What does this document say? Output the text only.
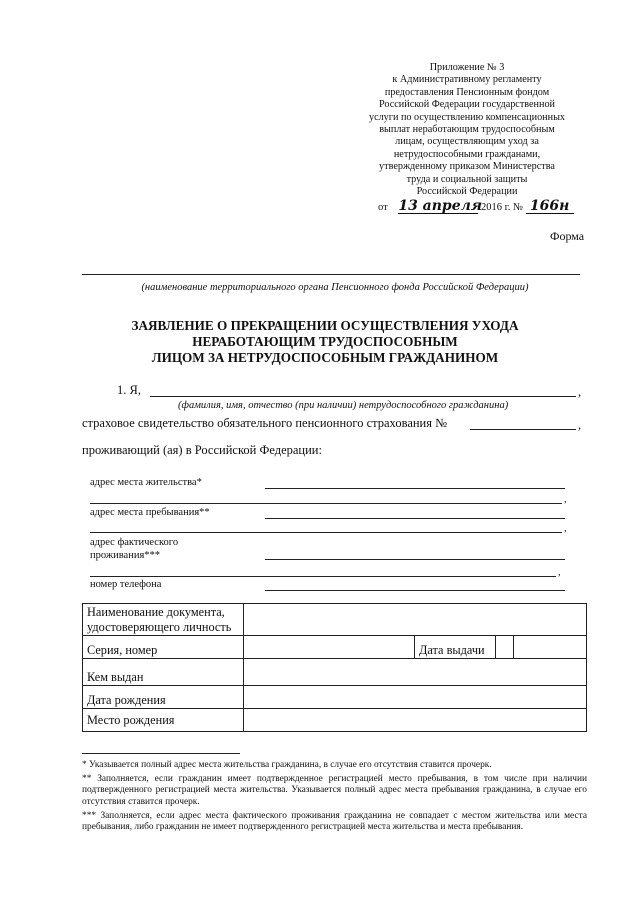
Приложение № 3
к Административному регламенту
предоставления Пенсионным фондом
Российской Федерации государственной
услуги по осуществлению компенсационных
выплат неработающим трудоспособным
лицам, осуществляющим уход за
нетрудоспособными гражданами,
утвержденному приказом Министерства
труда и социальной защиты
Российской Федерации
от 13 апреля 2016 г. № 166н
Форма
(наименование территориального органа Пенсионного фонда Российской Федерации)
ЗАЯВЛЕНИЕ О ПРЕКРАЩЕНИИ ОСУЩЕСТВЛЕНИЯ УХОДА
НЕРАБОТАЮЩИМ ТРУДОСПОСОБНЫМ
ЛИЦОМ ЗА НЕТРУДОСПОСОБНЫМ ГРАЖДАНИНОМ
1. Я,	,
(фамилия, имя, отчество (при наличии) нетрудоспособного гражданина)
страховое свидетельство обязательного пенсионного страхования №	,
проживающий (ая) в Российской Федерации:
адрес места жительства*
,
адрес места пребывания**
,
адрес фактического
проживания***
,
номер телефона
Наименование документа,
удостоверяющего личность				

Серия, номер		Дата выдачи		
Кем выдан				
Дата рождения				
Место рождения				
* Указывается полный адрес места жительства гражданина, в случае его отсутствия ставится прочерк.
** Заполняется, если гражданин имеет подтвержденное регистрацией место пребывания, в том числе при наличии подтвержденного регистрацией места жительства. Указывается полный адрес места пребывания гражданина, в случае его отсутствия ставится прочерк.
*** Заполняется, если адрес места фактического проживания гражданина не совпадает с местом жительства или места пребывания, либо гражданин не имеет подтвержденного регистрацией места жительства и места пребывания.
